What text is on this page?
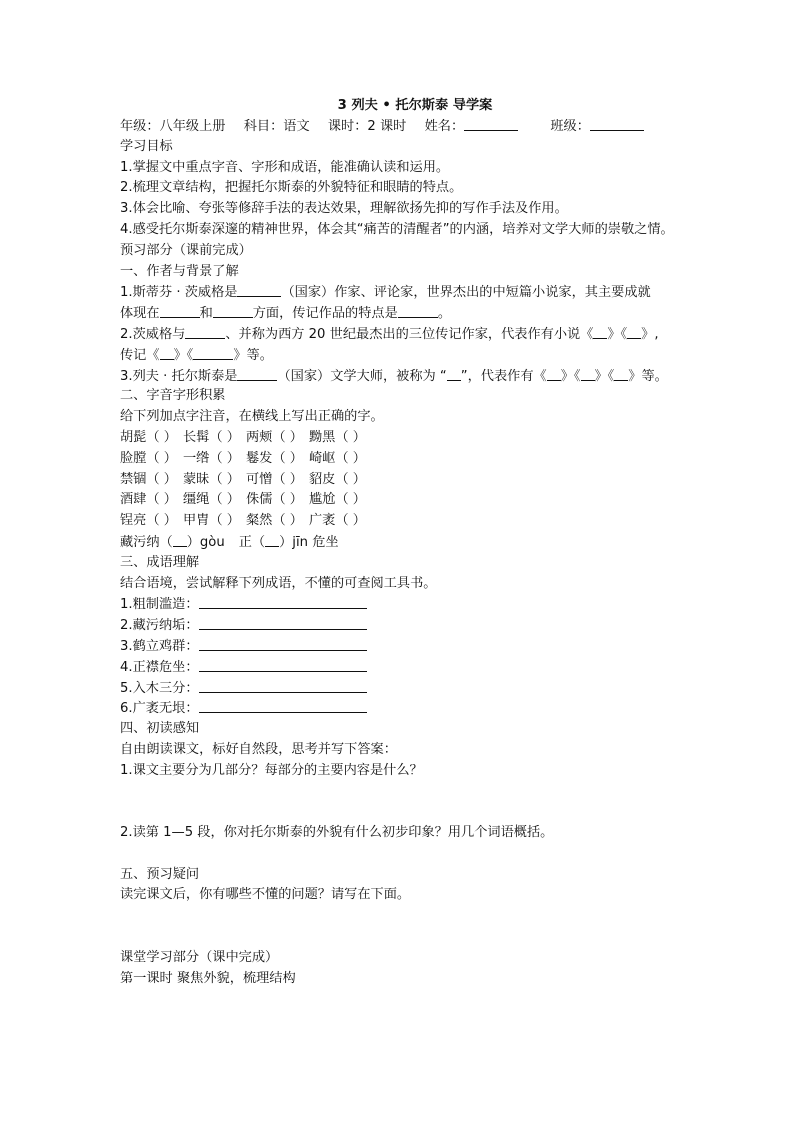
3 列夫 • 托尔斯泰 导学案
年级：八年级上册 科目：语文 课时：2 课时 姓名：	班级：
学习目标
1.掌握文中重点字音、字形和成语，能准确认读和运用。
2.梳理文章结构，把握托尔斯泰的外貌特征和眼睛的特点。
3.体会比喻、夸张等修辞手法的表达效果，理解欲扬先抑的写作手法及作用。
4.感受托尔斯泰深邃的精神世界，体会其“痛苦的清醒者”的内涵，培养对文学大师的崇敬之情。
预习部分（课前完成）
一、作者与背景了解
1.斯蒂芬 · 茨威格是	（国家）作家、评论家，世界杰出的中短篇小说家，其主要成就
体现在	和	方面，传记作品的特点是	。
2.茨威格与	、并称为西方 20 世纪最杰出的三位传记作家，代表作有小说《 》《 》,
传记《 》《	》等。
3.列夫 · 托尔斯泰是	（国家）文学大师，被称为 “ ”，代表作有《 》《 》《 》等。
二、字音字形积累
给下列加点字注音，在横线上写出正确的字。
胡髭（ ） 长髯（ ） 两颊（ ） 黝黑（ ）
脸膛（ ） 一绺（ ） 鬈发（ ） 崎岖（ ）
禁锢（ ） 蒙昧（ ） 可憎（ ） 貂皮（ ）
酒肆（ ） 缰绳（ ） 侏儒（ ） 尴尬（ ）
锃亮（ ） 甲胄（ ） 粲然（ ） 广袤（ ）
藏污纳（ ）gòu 正（ ）jīn 危坐
三、成语理解
结合语境，尝试解释下列成语，不懂的可查阅工具书。
1.粗制滥造：
2.藏污纳垢：
3.鹤立鸡群：
4.正襟危坐：
5.入木三分：
6.广袤无垠：
四、初读感知
自由朗读课文，标好自然段，思考并写下答案：
1.课文主要分为几部分？每部分的主要内容是什么？
2.读第 1—5 段，你对托尔斯泰的外貌有什么初步印象？用几个词语概括。
五、预习疑问
读完课文后，你有哪些不懂的问题？请写在下面。
课堂学习部分（课中完成）
第一课时 聚焦外貌，梳理结构
